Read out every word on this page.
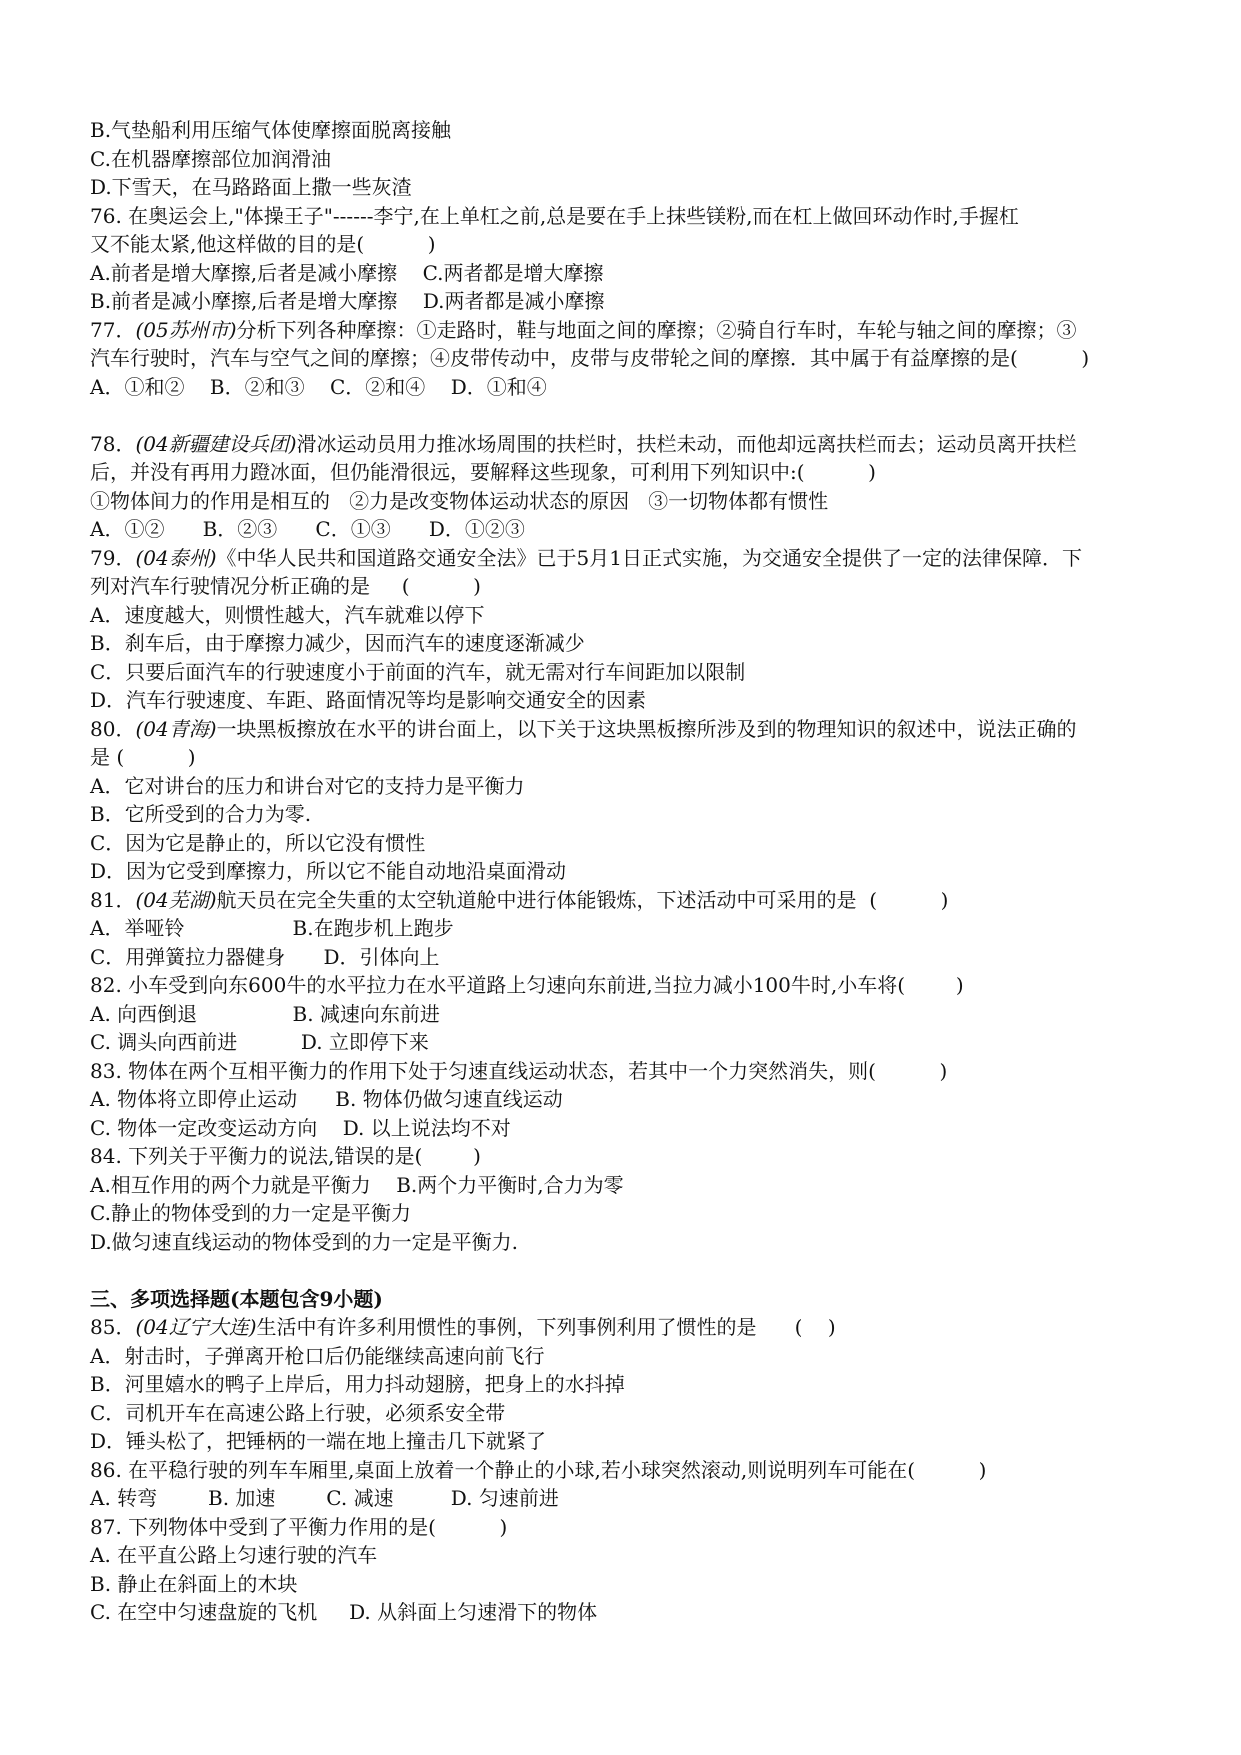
B.气垫船利用压缩气体使摩擦面脱离接触
C.在机器摩擦部位加润滑油
D.下雪天，在马路路面上撒一些灰渣
76. 在奥运会上,"体操王子"------李宁,在上单杠之前,总是要在手上抹些镁粉,而在杠上做回环动作时,手握杠
又不能太紧,他这样做的目的是(          )
A.前者是增大摩擦,后者是减小摩擦    C.两者都是增大摩擦
B.前者是减小摩擦,后者是增大摩擦    D.两者都是减小摩擦
77．(05苏州市)分析下列各种摩擦：①走路时，鞋与地面之间的摩擦；②骑自行车时，车轮与轴之间的摩擦；③
汽车行驶时，汽车与空气之间的摩擦；④皮带传动中，皮带与皮带轮之间的摩擦．其中属于有益摩擦的是(          )
A．①和②    B．②和③    C．②和④    D．①和④
78．(04新疆建设兵团)滑冰运动员用力推冰场周围的扶栏时，扶栏未动，而他却远离扶栏而去；运动员离开扶栏
后，并没有再用力蹬冰面，但仍能滑很远，要解释这些现象，可利用下列知识中:(          )
①物体间力的作用是相互的   ②力是改变物体运动状态的原因   ③一切物体都有惯性
A．①②      B．②③      C．①③      D．①②③
79．(04泰州)《中华人民共和国道路交通安全法》已于5月1日正式实施，为交通安全提供了一定的法律保障．下
列对汽车行驶情况分析正确的是     (          )
A．速度越大，则惯性越大，汽车就难以停下
B．刹车后，由于摩擦力减少，因而汽车的速度逐渐减少
C．只要后面汽车的行驶速度小于前面的汽车，就无需对行车间距加以限制
D．汽车行驶速度、车距、路面情况等均是影响交通安全的因素
80．(04青海)一块黑板擦放在水平的讲台面上，以下关于这块黑板擦所涉及到的物理知识的叙述中，说法正确的
是 (          )
A．它对讲台的压力和讲台对它的支持力是平衡力
B．它所受到的合力为零.
C．因为它是静止的，所以它没有惯性
D．因为它受到摩擦力，所以它不能自动地沿桌面滑动
81．(04芜湖)航天员在完全失重的太空轨道舱中进行体能锻炼，下述活动中可采用的是  (          )
A．举哑铃                 B.在跑步机上跑步
C．用弹簧拉力器健身      D．引体向上
82. 小车受到向东600牛的水平拉力在水平道路上匀速向东前进,当拉力减小100牛时,小车将(        )
A. 向西倒退               B. 减速向东前进
C. 调头向西前进          D. 立即停下来
83. 物体在两个互相平衡力的作用下处于匀速直线运动状态，若其中一个力突然消失，则(          )
A. 物体将立即停止运动      B. 物体仍做匀速直线运动
C. 物体一定改变运动方向    D. 以上说法均不对
84. 下列关于平衡力的说法,错误的是(        )
A.相互作用的两个力就是平衡力    B.两个力平衡时,合力为零
C.静止的物体受到的力一定是平衡力
D.做匀速直线运动的物体受到的力一定是平衡力.
三、多项选择题(本题包含9小题)
85．(04辽宁大连)生活中有许多利用惯性的事例，下列事例利用了惯性的是      (    )
A．射击时，子弹离开枪口后仍能继续高速向前飞行
B．河里嬉水的鸭子上岸后，用力抖动翅膀，把身上的水抖掉
C．司机开车在高速公路上行驶，必须系安全带
D．锤头松了，把锤柄的一端在地上撞击几下就紧了
86. 在平稳行驶的列车车厢里,桌面上放着一个静止的小球,若小球突然滚动,则说明列车可能在(          )
A. 转弯        B. 加速        C. 减速         D. 匀速前进
87. 下列物体中受到了平衡力作用的是(          )
A. 在平直公路上匀速行驶的汽车
B. 静止在斜面上的木块
C. 在空中匀速盘旋的飞机     D. 从斜面上匀速滑下的物体
